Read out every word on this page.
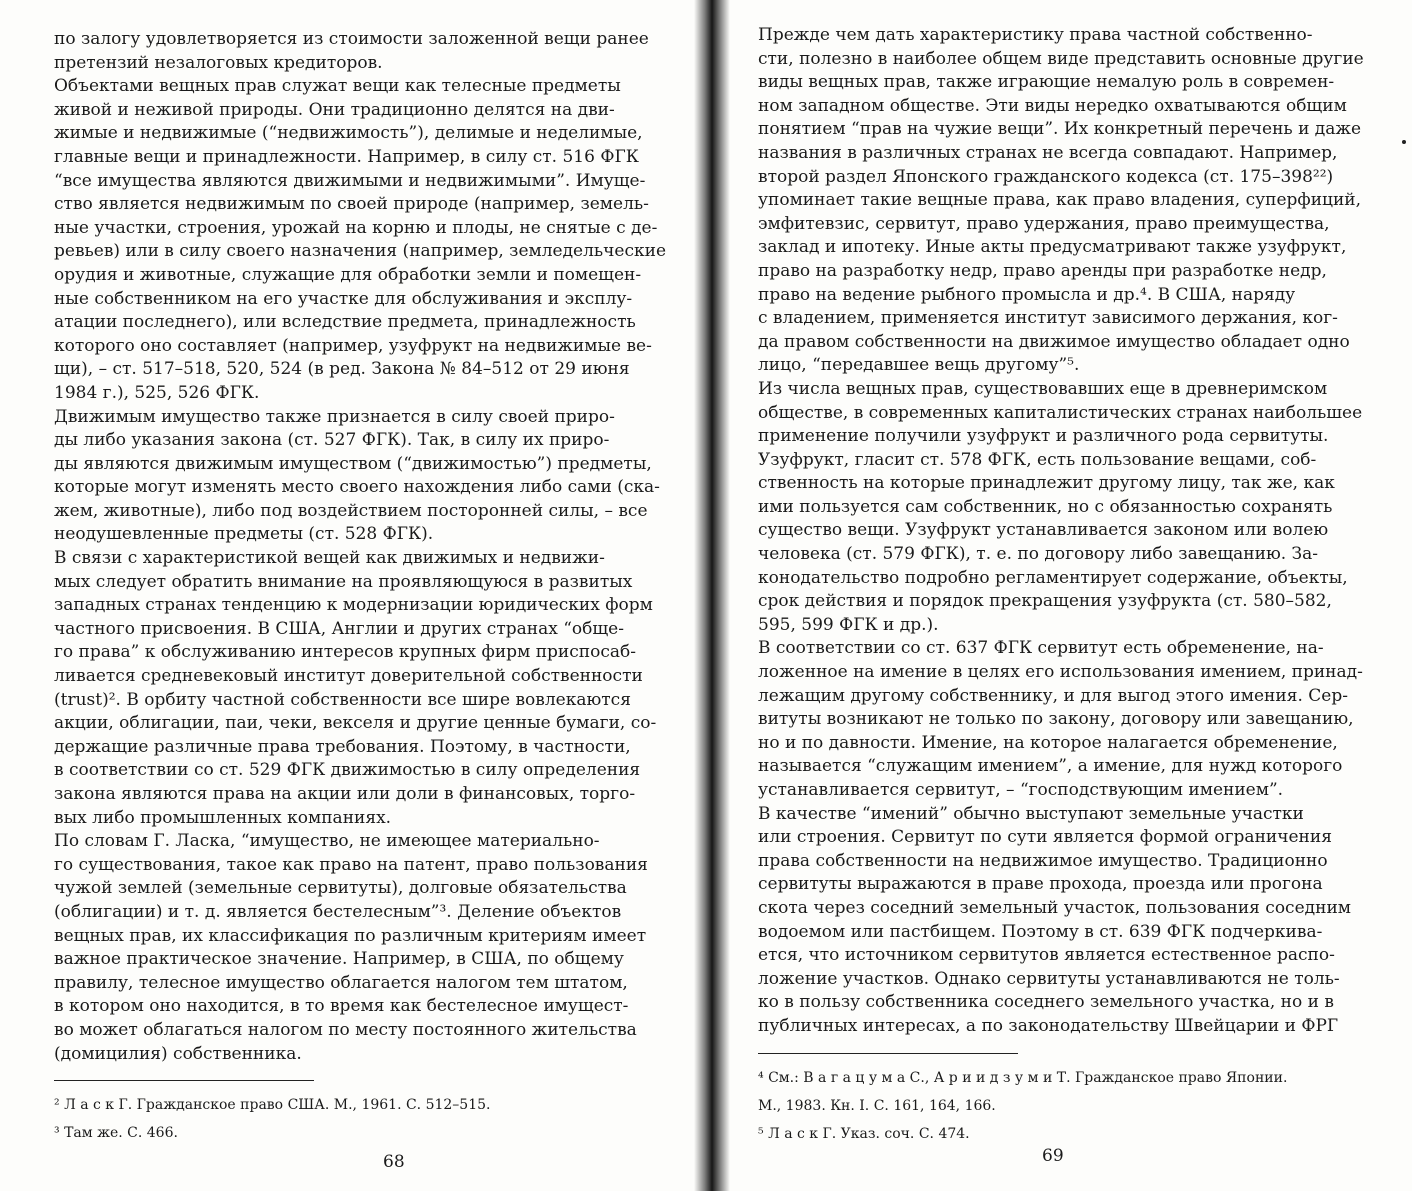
по залогу удовлетворяется из стоимости заложенной вещи ранее

претензий незалоговых кредиторов.

Объектами вещных прав служат вещи как телесные предметы

живой и неживой природы. Они традиционно делятся на дви-

жимые и недвижимые (“недвижимость”), делимые и неделимые,

главные вещи и принадлежности. Например, в силу ст. 516 ФГК

“все имущества являются движимыми и недвижимыми”. Имуще-

ство является недвижимым по своей природе (например, земель-

ные участки, строения, урожай на корню и плоды, не снятые с де-

ревьев) или в силу своего назначения (например, земледельческие

орудия и животные, служащие для обработки земли и помещен-

ные собственником на его участке для обслуживания и эксплу-

атации последнего), или вследствие предмета, принадлежность

которого оно составляет (например, узуфрукт на недвижимые ве-

щи), – ст. 517–518, 520, 524 (в ред. Закона № 84–512 от 29 июня

1984 г.), 525, 526 ФГК.

Движимым имущество также признается в силу своей приро-

ды либо указания закона (ст. 527 ФГК). Так, в силу их приро-

ды являются движимым имуществом (“движимостью”) предметы,

которые могут изменять место своего нахождения либо сами (ска-

жем, животные), либо под воздействием посторонней силы, – все

неодушевленные предметы (ст. 528 ФГК).

В связи с характеристикой вещей как движимых и недвижи-

мых следует обратить внимание на проявляющуюся в развитых

западных странах тенденцию к модернизации юридических форм

частного присвоения. В США, Англии и других странах “обще-

го права” к обслуживанию интересов крупных фирм приспосаб-

ливается средневековый институт доверительной собственности

(trust)². В орбиту частной собственности все шире вовлекаются

акции, облигации, паи, чеки, векселя и другие ценные бумаги, со-

держащие различные права требования. Поэтому, в частности,

в соответствии со ст. 529 ФГК движимостью в силу определения

закона являются права на акции или доли в финансовых, торго-

вых либо промышленных компаниях.

По словам Г. Ласка, “имущество, не имеющее материально-

го существования, такое как право на патент, право пользования

чужой землей (земельные сервитуты), долговые обязательства

(облигации) и т. д. является бестелесным”³. Деление объектов

вещных прав, их классификация по различным критериям имеет

важное практическое значение. Например, в США, по общему

правилу, телесное имущество облагается налогом тем штатом,

в котором оно находится, в то время как бестелесное имущест-

во может облагаться налогом по месту постоянного жительства

(домицилия) собственника.

² Л а с к Г. Гражданское право США. М., 1961. С. 512–515.

³ Там же. С. 466.

68

Прежде чем дать характеристику права частной собственно-

сти, полезно в наиболее общем виде представить основные другие

виды вещных прав, также играющие немалую роль в современ-

ном западном обществе. Эти виды нередко охватываются общим

понятием “прав на чужие вещи”. Их конкретный перечень и даже

названия в различных странах не всегда совпадают. Например,

второй раздел Японского гражданского кодекса (ст. 175–398²²)

упоминает такие вещные права, как право владения, суперфиций,

эмфитевзис, сервитут, право удержания, право преимущества,

заклад и ипотеку. Иные акты предусматривают также узуфрукт,

право на разработку недр, право аренды при разработке недр,

право на ведение рыбного промысла и др.⁴. В США, наряду

с владением, применяется институт зависимого держания, ког-

да правом собственности на движимое имущество обладает одно

лицо, “передавшее вещь другому”⁵.

Из числа вещных прав, существовавших еще в древнеримском

обществе, в современных капиталистических странах наибольшее

применение получили узуфрукт и различного рода сервитуты.

Узуфрукт, гласит ст. 578 ФГК, есть пользование вещами, соб-

ственность на которые принадлежит другому лицу, так же, как

ими пользуется сам собственник, но с обязанностью сохранять

существо вещи. Узуфрукт устанавливается законом или волею

человека (ст. 579 ФГК), т. е. по договору либо завещанию. За-

конодательство подробно регламентирует содержание, объекты,

срок действия и порядок прекращения узуфрукта (ст. 580–582,

595, 599 ФГК и др.).

В соответствии со ст. 637 ФГК сервитут есть обременение, на-

ложенное на имение в целях его использования имением, принад-

лежащим другому собственнику, и для выгод этого имения. Сер-

витуты возникают не только по закону, договору или завещанию,

но и по давности. Имение, на которое налагается обременение,

называется “служащим имением”, а имение, для нужд которого

устанавливается сервитут, – “господствующим имением”.

В качестве “имений” обычно выступают земельные участки

или строения. Сервитут по сути является формой ограничения

права собственности на недвижимое имущество. Традиционно

сервитуты выражаются в праве прохода, проезда или прогона

скота через соседний земельный участок, пользования соседним

водоемом или пастбищем. Поэтому в ст. 639 ФГК подчеркива-

ется, что источником сервитутов является естественное распо-

ложение участков. Однако сервитуты устанавливаются не толь-

ко в пользу собственника соседнего земельного участка, но и в

публичных интересах, а по законодательству Швейцарии и ФРГ

⁴ См.: В а г а ц у м а С., А р и и д з у м и Т. Гражданское право Японии.

М., 1983. Кн. I. С. 161, 164, 166.

⁵ Л а с к Г. Указ. соч. С. 474.

69
